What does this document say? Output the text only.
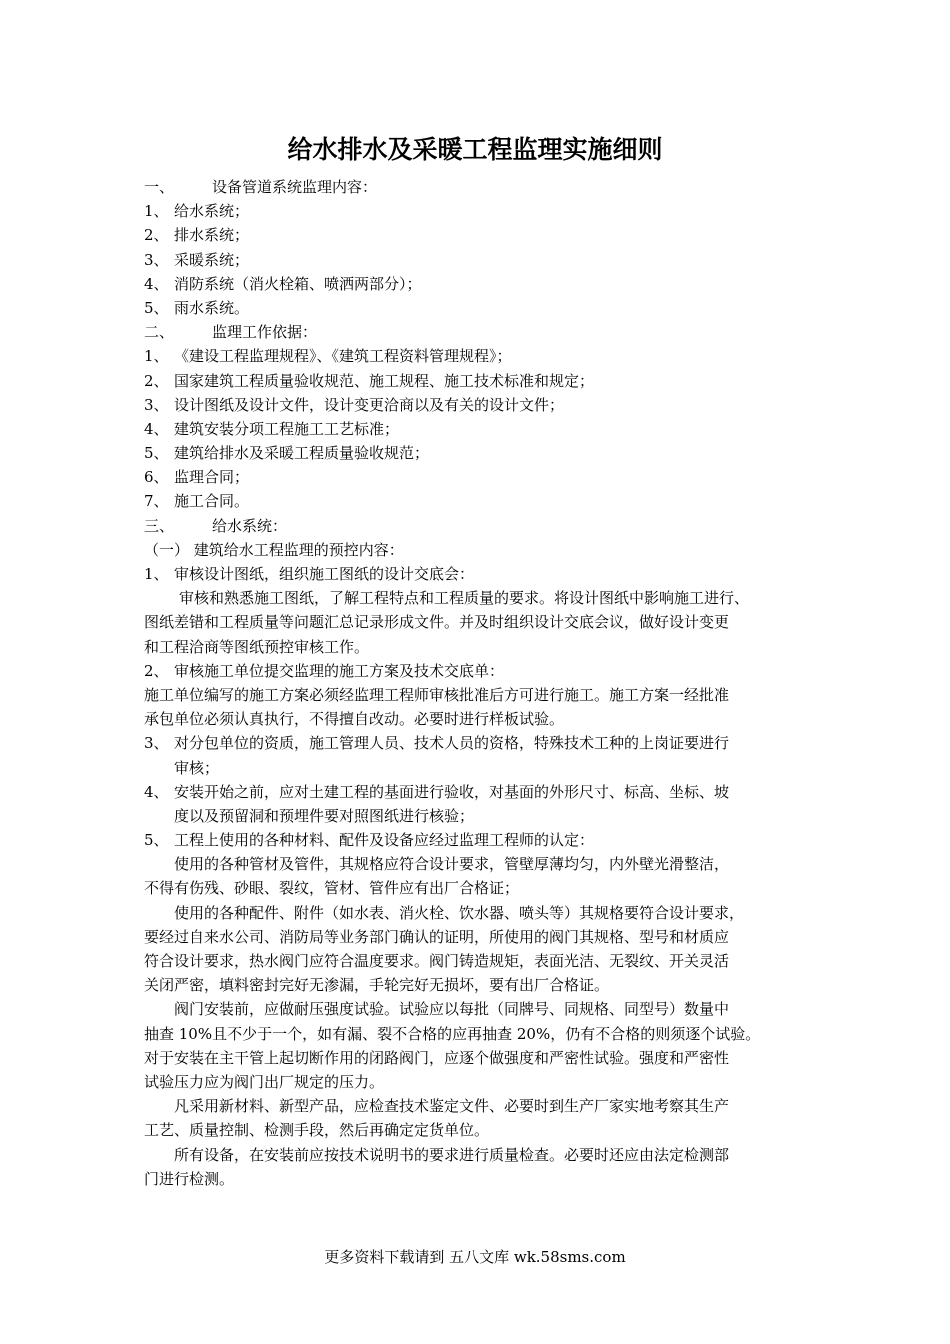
给水排水及采暖工程监理实施细则
一、	设备管道系统监理内容：
1、 给水系统；
2、 排水系统；
3、 采暖系统；
4、 消防系统（消火栓箱、喷洒两部分）；
5、 雨水系统。
二、	监理工作依据：
1、 《建设工程监理规程》、《建筑工程资料管理规程》；
2、 国家建筑工程质量验收规范、施工规程、施工技术标准和规定；
3、 设计图纸及设计文件，设计变更洽商以及有关的设计文件；
4、 建筑安装分项工程施工工艺标准；
5、 建筑给排水及采暖工程质量验收规范；
6、 监理合同；
7、 施工合同。
三、	给水系统：
（一） 建筑给水工程监理的预控内容：
1、 审核设计图纸，组织施工图纸的设计交底会：
审核和熟悉施工图纸，了解工程特点和工程质量的要求。将设计图纸中影响施工进行、
图纸差错和工程质量等问题汇总记录形成文件。并及时组织设计交底会议，做好设计变更
和工程洽商等图纸预控审核工作。
2、 审核施工单位提交监理的施工方案及技术交底单：
施工单位编写的施工方案必须经监理工程师审核批准后方可进行施工。施工方案一经批准
承包单位必须认真执行，不得擅自改动。必要时进行样板试验。
3、 对分包单位的资质，施工管理人员、技术人员的资格，特殊技术工种的上岗证要进行
审核；
4、 安装开始之前，应对土建工程的基面进行验收，对基面的外形尺寸、标高、坐标、坡
度以及预留洞和预埋件要对照图纸进行核验；
5、 工程上使用的各种材料、配件及设备应经过监理工程师的认定：
使用的各种管材及管件，其规格应符合设计要求，管壁厚薄均匀，内外壁光滑整洁，
不得有伤残、砂眼、裂纹，管材、管件应有出厂合格证；
使用的各种配件、附件（如水表、消火栓、饮水器、喷头等）其规格要符合设计要求，
要经过自来水公司、消防局等业务部门确认的证明，所使用的阀门其规格、型号和材质应
符合设计要求，热水阀门应符合温度要求。阀门铸造规矩，表面光洁、无裂纹、开关灵活
关闭严密，填料密封完好无渗漏，手轮完好无损坏，要有出厂合格证。
阀门安装前，应做耐压强度试验。试验应以每批（同牌号、同规格、同型号）数量中
抽查 10%且不少于一个，如有漏、裂不合格的应再抽查 20%，仍有不合格的则须逐个试验。
对于安装在主干管上起切断作用的闭路阀门，应逐个做强度和严密性试验。强度和严密性
试验压力应为阀门出厂规定的压力。
凡采用新材料、新型产品，应检查技术鉴定文件、必要时到生产厂家实地考察其生产
工艺、质量控制、检测手段，然后再确定定货单位。
所有设备，在安装前应按技术说明书的要求进行质量检查。必要时还应由法定检测部
门进行检测。
更多资料下载请到 五八文库 wk.58sms.com
